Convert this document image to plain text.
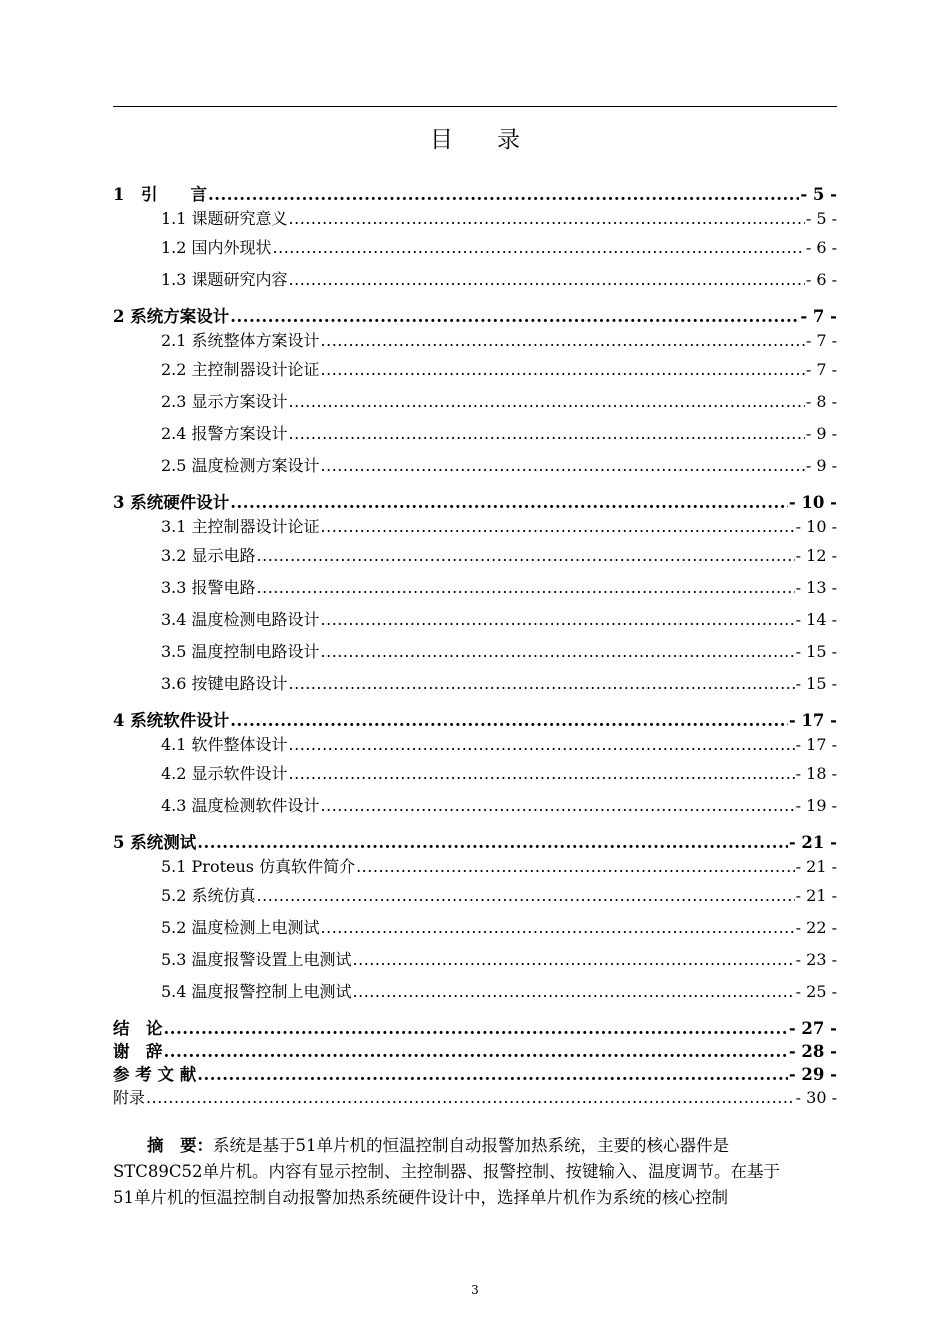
目 录
1　引　　言 .....	- 5 -
1.1 课题研究意义 .....	- 5 -
1.2 国内外现状 .....	- 6 -
1.3 课题研究内容 .....	- 6 -
2 系统方案设计 .....	- 7 -
2.1 系统整体方案设计 .....	- 7 -
2.2 主控制器设计论证 .....	- 7 -
2.3 显示方案设计 .....	- 8 -
2.4 报警方案设计 .....	- 9 -
2.5 温度检测方案设计 .....	- 9 -
3 系统硬件设计 .....	- 10 -
3.1 主控制器设计论证 .....	- 10 -
3.2 显示电路 .....	- 12 -
3.3 报警电路 .....	- 13 -
3.4 温度检测电路设计 .....	- 14 -
3.5 温度控制电路设计 .....	- 15 -
3.6 按键电路设计 .....	- 15 -
4 系统软件设计 .....	- 17 -
4.1 软件整体设计 .....	- 17 -
4.2 显示软件设计 .....	- 18 -
4.3 温度检测软件设计 .....	- 19 -
5 系统测试 .....	- 21 -
5.1 Proteus 仿真软件简介 .....	- 21 -
5.2 系统仿真 .....	- 21 -
5.2 温度检测上电测试 .....	- 22 -
5.3 温度报警设置上电测试 .....	- 23 -
5.4 温度报警控制上电测试 .....	- 25 -
结　论 .....	- 27 -
谢　辞 .....	- 28 -
参 考 文 献 .....	- 29 -
附录 .....	- 30 -
摘　要：系统是基于51单片机的恒温控制自动报警加热系统，主要的核心器件是
STC89C52单片机。内容有显示控制、主控制器、报警控制、按键输入、温度调节。在基于
51单片机的恒温控制自动报警加热系统硬件设计中，选择单片机作为系统的核心控制
3
